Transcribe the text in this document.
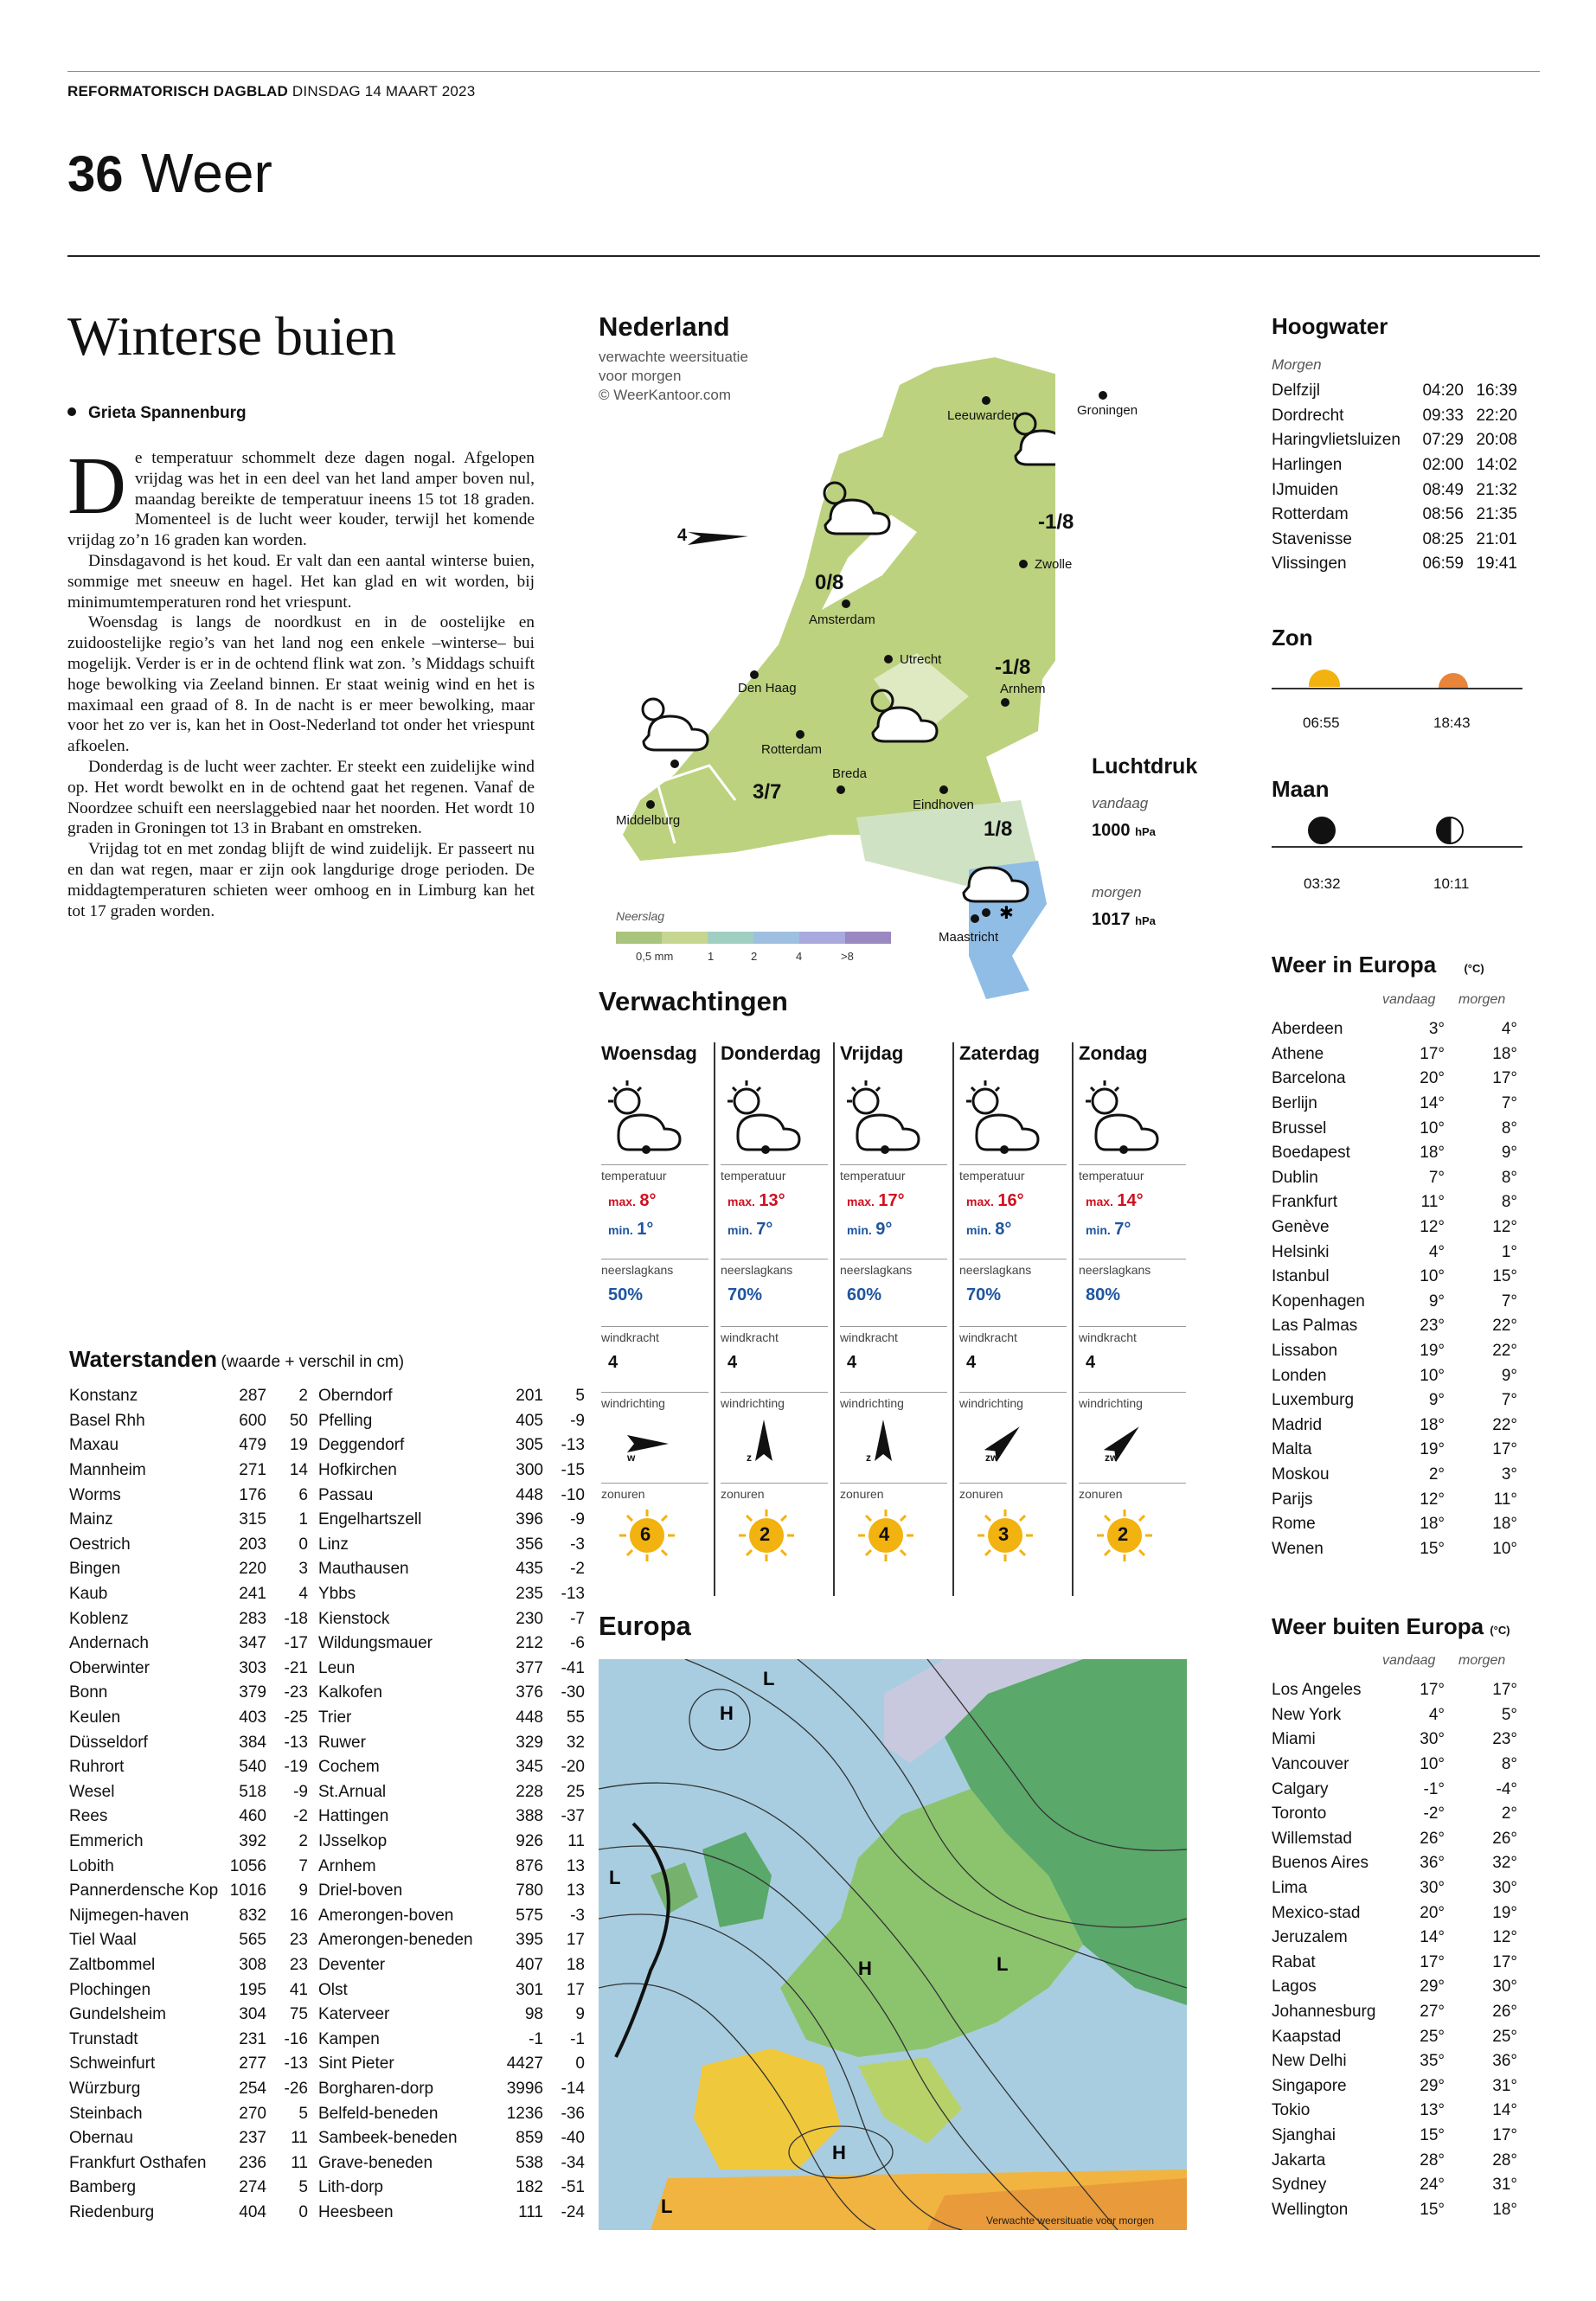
REFORMATORISCH DAGBLAD DINSDAG 14 MAART 2023
36 Weer
Winterse buien
Grieta Spannenburg

De temperatuur schommelt deze dagen nogal. Afgelopen vrijdag was het in een deel van het land amper boven nul, maandag bereikte de temperatuur ineens 15 tot 18 graden. Momenteel is de lucht weer kouder, terwijl het komende vrijdag zo’n 16 graden kan worden.

Dinsdagavond is het koud. Er valt dan een aantal winterse buien, sommige met sneeuw en hagel. Het kan glad en wit worden, bij minimumtemperaturen rond het vriespunt.

Woensdag is langs de noordkust en in de oostelijke en zuidoostelijke regio’s van het land nog een enkele –winterse– bui mogelijk. Verder is er in de ochtend flink wat zon. ’s Middags schuift hoge bewolking via Zeeland binnen. Er staat weinig wind en het is maximaal een graad of 8. In de nacht is er meer bewolking, maar voor het zo ver is, kan het in Oost-Nederland tot onder het vriespunt afkoelen.

Donderdag is de lucht weer zachter. Er steekt een zuidelijke wind op. Het wordt bewolkt en in de ochtend gaat het regenen. Vanaf de Noordzee schuift een neerslaggebied naar het noorden. Het wordt 10 graden in Groningen tot 13 in Brabant en omstreken.

Vrijdag tot en met zondag blijft de wind zuidelijk. Er passeert nu en dan wat regen, maar er zijn ook langdurige droge perioden. De middagtemperaturen schieten weer omhoog en in Limburg kan het tot 17 graden worden.

Nederland
verwachte weersituatie
voor morgen
© WeerKantoor.com
✱
Neerslag
0,5 mm	1	2	4	>8
4
Leeuwarden	Groningen
Zwolle
Amsterdam
Utrecht
Den Haag	Arnhem
Rotterdam
Breda
Eindhoven
Middelburg
Maastricht
-1/8
0/8
-1/8
3/7
1/8
Luchtdruk
vandaag
1000 hPa
morgen
1017 hPa
Verwachtingen
Woensdag
temperatuur
max. 8°
min. 1°
neerslagkans
50%
windkracht
4
windrichting
w
zonuren
6
Donderdag
temperatuur
max. 13°
min. 7°
neerslagkans
70%
windkracht
4
windrichting
z
zonuren
2
Vrijdag
temperatuur
max. 17°
min. 9°
neerslagkans
60%
windkracht
4
windrichting
z
zonuren
4
Zaterdag
temperatuur
max. 16°
min. 8°
neerslagkans
70%
windkracht
4
windrichting
zw
zonuren
3
Zondag
temperatuur
max. 14°
min. 7°
neerslagkans
80%
windkracht
4
windrichting
zw
zonuren
2
Europa
H
H
H
L
L
L
L
Verwachte weersituatie voor morgen
Hoogwater
Morgen
Delfzijl	04:20	16:39
Dordrecht	09:33	22:20
Haringvlietsluizen	07:29	20:08
Harlingen	02:00	14:02
IJmuiden	08:49	21:32
Rotterdam	08:56	21:35
Stavenisse	08:25	21:01
Vlissingen	06:59	19:41
Zon
06:55	18:43
Maan
03:32	10:11
Weer in Europa (°C)
vandaag morgen
Aberdeen	3°	4°
Athene	17°	18°
Barcelona	20°	17°
Berlijn	14°	7°
Brussel	10°	8°
Boedapest	18°	9°
Dublin	7°	8°
Frankfurt	11°	8°
Genève	12°	12°
Helsinki	4°	1°
Istanbul	10°	15°
Kopenhagen	9°	7°
Las Palmas	23°	22°
Lissabon	19°	22°
Londen	10°	9°
Luxemburg	9°	7°
Madrid	18°	22°
Malta	19°	17°
Moskou	2°	3°
Parijs	12°	11°
Rome	18°	18°
Wenen	15°	10°
Weer buiten Europa (°C)
vandaag morgen
Los Angeles	17°	17°
New York	4°	5°
Miami	30°	23°
Vancouver	10°	8°
Calgary	-1°	-4°
Toronto	-2°	2°
Willemstad	26°	26°
Buenos Aires	36°	32°
Lima	30°	30°
Mexico-stad	20°	19°
Jeruzalem	14°	12°
Rabat	17°	17°
Lagos	29°	30°
Johannesburg	27°	26°
Kaapstad	25°	25°
New Delhi	35°	36°
Singapore	29°	31°
Tokio	13°	14°
Sjanghai	15°	17°
Jakarta	28°	28°
Sydney	24°	31°
Wellington	15°	18°
Waterstanden (waarde + verschil in cm)
Konstanz	287	2
Basel Rhh	600	50
Maxau	479	19
Mannheim	271	14
Worms	176	6
Mainz	315	1
Oestrich	203	0
Bingen	220	3
Kaub	241	4
Koblenz	283	-18
Andernach	347	-17
Oberwinter	303	-21
Bonn	379	-23
Keulen	403	-25
Düsseldorf	384	-13
Ruhrort	540	-19
Wesel	518	-9
Rees	460	-2
Emmerich	392	2
Lobith	1056	7
Pannerdensche Kop	1016	9
Nijmegen-haven	832	16
Tiel Waal	565	23
Zaltbommel	308	23
Plochingen	195	41
Gundelsheim	304	75
Trunstadt	231	-16
Schweinfurt	277	-13
Würzburg	254	-26
Steinbach	270	5
Obernau	237	11
Frankfurt Osthafen	236	11
Bamberg	274	5
Riedenburg	404	0
Oberndorf	201	5
Pfelling	405	-9
Deggendorf	305	-13
Hofkirchen	300	-15
Passau	448	-10
Engelhartszell	396	-9
Linz	356	-3
Mauthausen	435	-2
Ybbs	235	-13
Kienstock	230	-7
Wildungsmauer	212	-6
Leun	377	-41
Kalkofen	376	-30
Trier	448	55
Ruwer	329	32
Cochem	345	-20
St.Arnual	228	25
Hattingen	388	-37
IJsselkop	926	11
Arnhem	876	13
Driel-boven	780	13
Amerongen-boven	575	-3
Amerongen-beneden	395	17
Deventer	407	18
Olst	301	17
Katerveer	98	9
Kampen	-1	-1
Sint Pieter	4427	0
Borgharen-dorp	3996	-14
Belfeld-beneden	1236	-36
Sambeek-beneden	859	-40
Grave-beneden	538	-34
Lith-dorp	182	-51
Heesbeen	111	-24
